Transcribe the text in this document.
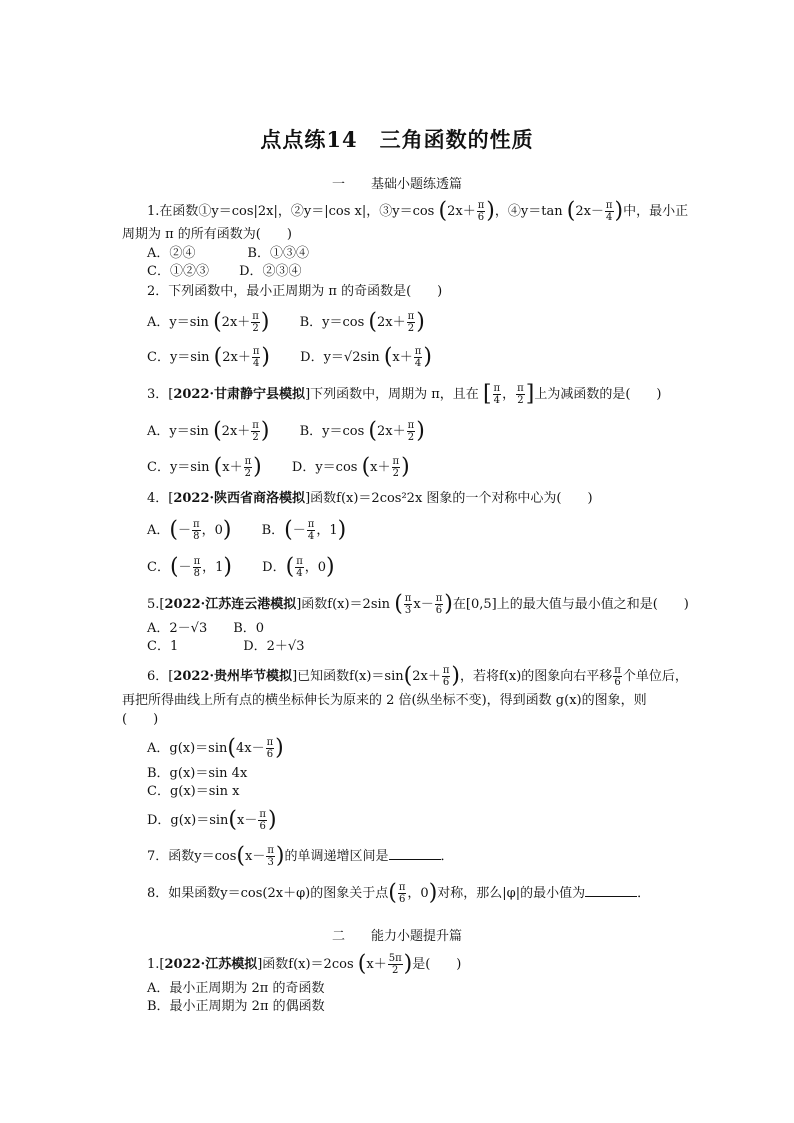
点点练14　三角函数的性质
一　　基础小题练透篇
1.在函数①y＝cos|2x|，②y＝|cos x|，③y＝cos ($2x+ \frac{\pi}{6}$ )，④y＝tan ($2x- \frac{\pi}{4}$ )中，最小正
周期为 π 的所有函数为(　　)
A．②④　　　　B．①③④
C．①②③　　 D．②③④
2．下列函数中，最小正周期为 π 的奇函数是(　　)
A．y＝sin ($2x+ \frac{\pi}{2}$ )　　 B．y＝cos ($2x+ \frac{\pi}{2}$ )
C．y＝sin ($2x+ \frac{\pi}{4}$ )　　 D．y＝√2sin ($x+ \frac{\pi}{4}$ )
3．[2022·甘肃静宁县模拟]下列函数中，周期为 π，且在 [ $\frac{\pi}{4}$ ， $\frac{\pi}{2}$ ]上为减函数的是(　　)
A．y＝sin ($2x+ \frac{\pi}{2}$ )　　 B．y＝cos ($2x+ \frac{\pi}{2}$ )
C．y＝sin ($x+ \frac{\pi}{2}$ )　　 D．y＝cos ($x+ \frac{\pi}{2}$ )
4．[2022·陕西省商洛模拟]函数f(x)＝2cos²2x 图象的一个对称中心为(　　)
A．(－ $\frac{\pi}{8}$ ，0)　　 B．(－ $\frac{\pi}{4}$ ，1)
C．(－ $\frac{\pi}{8}$ ，1)　　 D．( $\frac{\pi}{4}$ ，0)
5.[2022·江苏连云港模拟]函数f(x)＝2sin ( $\frac{\pi}{3} x- \frac{\pi}{6}$ )在[0,5]上的最大值与最小值之和是(　　)
A．2－√3　　B．0
C．1　　　　　D．2＋√3
6．[2022·贵州毕节模拟]已知函数$f(x)=\sin(2x+ \frac{\pi}{6}$ )，若将f(x)的图象向右平移 $\frac{\pi}{6}$ 个单位后，
再把所得曲线上所有点的横坐标伸长为原来的 2 倍(纵坐标不变)，得到函数 g(x)的图象，则
(　　)
A．$g(x)=\sin(4x- \frac{\pi}{6}$ )
B．g(x)＝sin 4x
C．g(x)＝sin x
D．$g(x)=\sin(x- \frac{\pi}{6}$ )
7．函数$y=\cos(x- \frac{\pi}{3}$ )的单调递增区间是	．
8．如果函数y＝cos(2x＋φ)的图象关于点( $\frac{\pi}{6}$ ，0)对称，那么|φ|的最小值为	．
二　　能力小题提升篇
1.[2022·江苏模拟]函数f(x)＝2cos ($x+ \frac{5\pi}{2}$ )是(　　)
A．最小正周期为 2π 的奇函数
B．最小正周期为 2π 的偶函数
